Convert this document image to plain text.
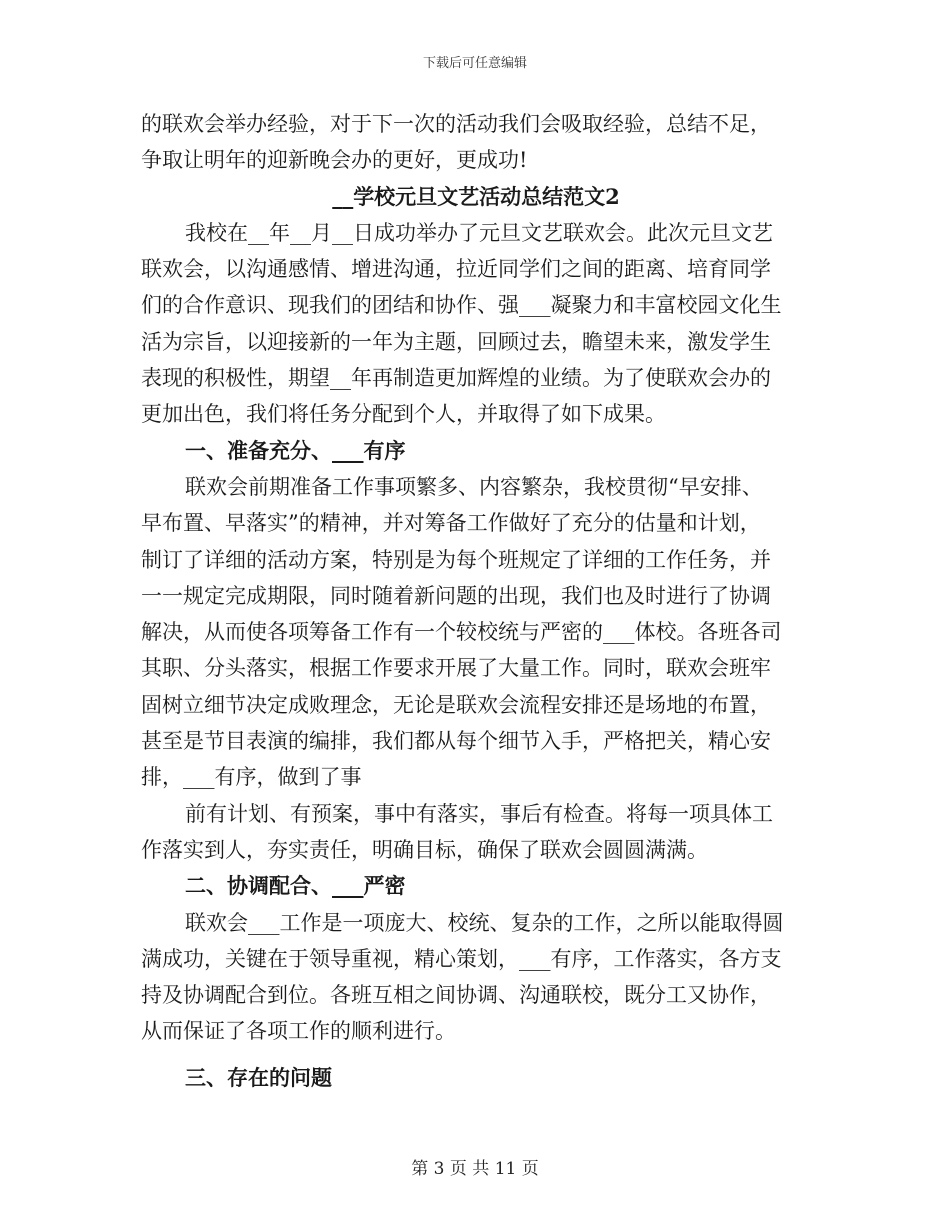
下载后可任意编辑
的联欢会举办经验，对于下一次的活动我们会吸取经验，总结不足，
争取让明年的迎新晚会办的更好，更成功!
__学校元旦文艺活动总结范文2
我校在__年__月__日成功举办了元旦文艺联欢会。此次元旦文艺
联欢会，以沟通感情、增进沟通，拉近同学们之间的距离、培育同学
们的合作意识、现我们的团结和协作、强___凝聚力和丰富校园文化生
活为宗旨，以迎接新的一年为主题，回顾过去，瞻望未来，激发学生
表现的积极性，期望__年再制造更加辉煌的业绩。为了使联欢会办的
更加出色，我们将任务分配到个人，并取得了如下成果。
一、准备充分、___有序
联欢会前期准备工作事项繁多、内容繁杂，我校贯彻“早安排、
早布置、早落实”的精神，并对筹备工作做好了充分的估量和计划，
制订了详细的活动方案，特别是为每个班规定了详细的工作任务，并
一一规定完成期限，同时随着新问题的出现，我们也及时进行了协调
解决，从而使各项筹备工作有一个较校统与严密的___体校。各班各司
其职、分头落实，根据工作要求开展了大量工作。同时，联欢会班牢
固树立细节决定成败理念，无论是联欢会流程安排还是场地的布置，
甚至是节目表演的编排，我们都从每个细节入手，严格把关，精心安
排，___有序，做到了事
前有计划、有预案，事中有落实，事后有检查。将每一项具体工
作落实到人，夯实责任，明确目标，确保了联欢会圆圆满满。
二、协调配合、___严密
联欢会___工作是一项庞大、校统、复杂的工作，之所以能取得圆
满成功，关键在于领导重视，精心策划，___有序，工作落实，各方支
持及协调配合到位。各班互相之间协调、沟通联校，既分工又协作，
从而保证了各项工作的顺利进行。
三、存在的问题
第 3 页 共 11 页
